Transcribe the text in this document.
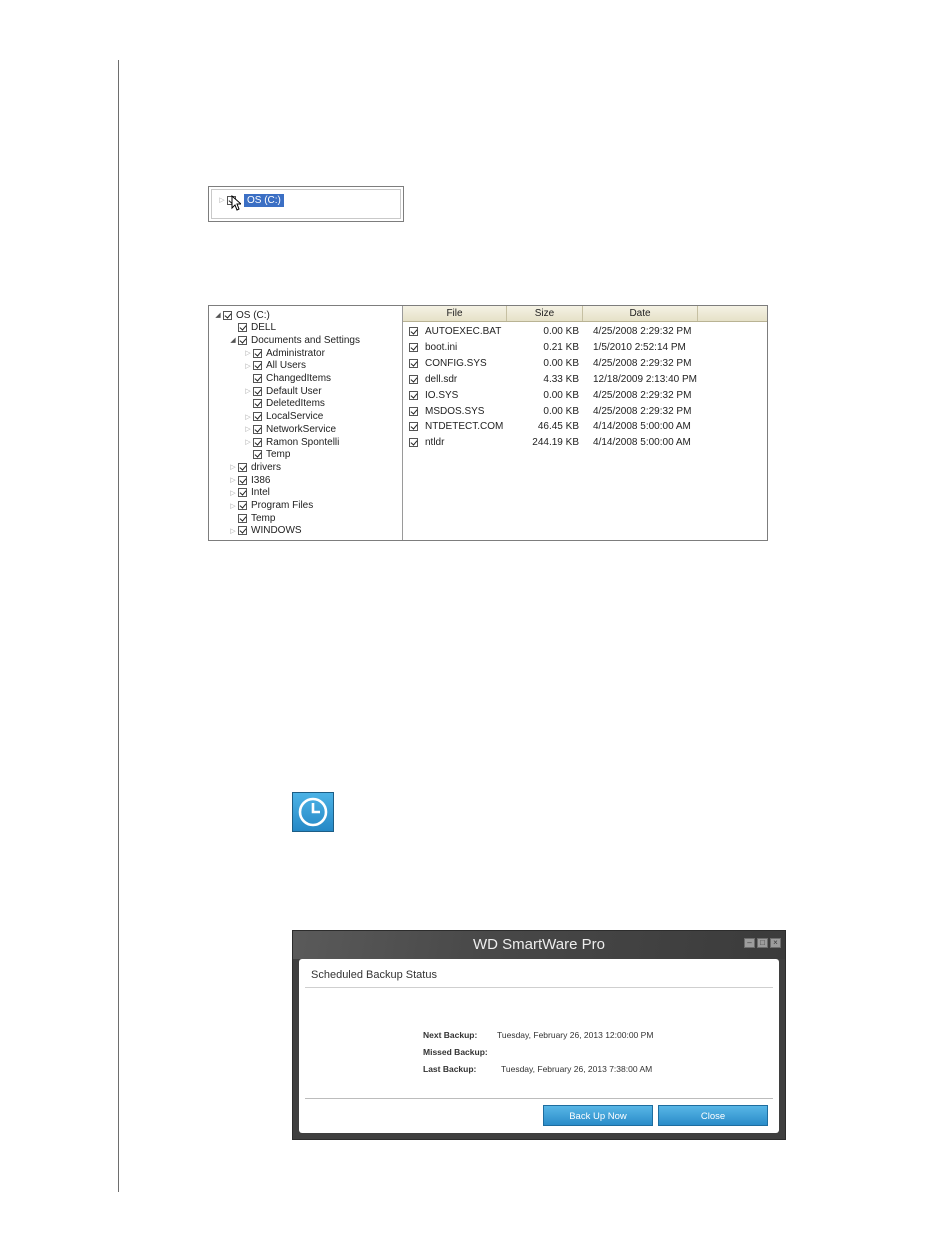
▷	OS (C:)
◢ OS (C:)
DELL
◢ Documents and Settings
▷ Administrator
▷ All Users
ChangedItems
▷ Default User
DeletedItems
▷ LocalService
▷ NetworkService
▷ Ramon Spontelli
Temp
▷ drivers
▷ I386
▷ Intel
▷ Program Files
Temp
▷ WINDOWS
File	Size	Date
AUTOEXEC.BAT	0.00 KB 4/25/2008 2:29:32 PM
boot.ini	0.21 KB 1/5/2010 2:52:14 PM
CONFIG.SYS	0.00 KB 4/25/2008 2:29:32 PM
dell.sdr	4.33 KB 12/18/2009 2:13:40 PM
IO.SYS	0.00 KB 4/25/2008 2:29:32 PM
MSDOS.SYS	0.00 KB 4/25/2008 2:29:32 PM
NTDETECT.COM	46.45 KB 4/14/2008 5:00:00 AM
ntldr	244.19 KB 4/14/2008 5:00:00 AM
WD SmartWare Pro	–	□	×
Scheduled Backup Status
Next Backup: Tuesday, February 26, 2013 12:00:00 PM
Missed Backup:
Last Backup:	Tuesday, February 26, 2013 7:38:00 AM
Back Up Now	Close
